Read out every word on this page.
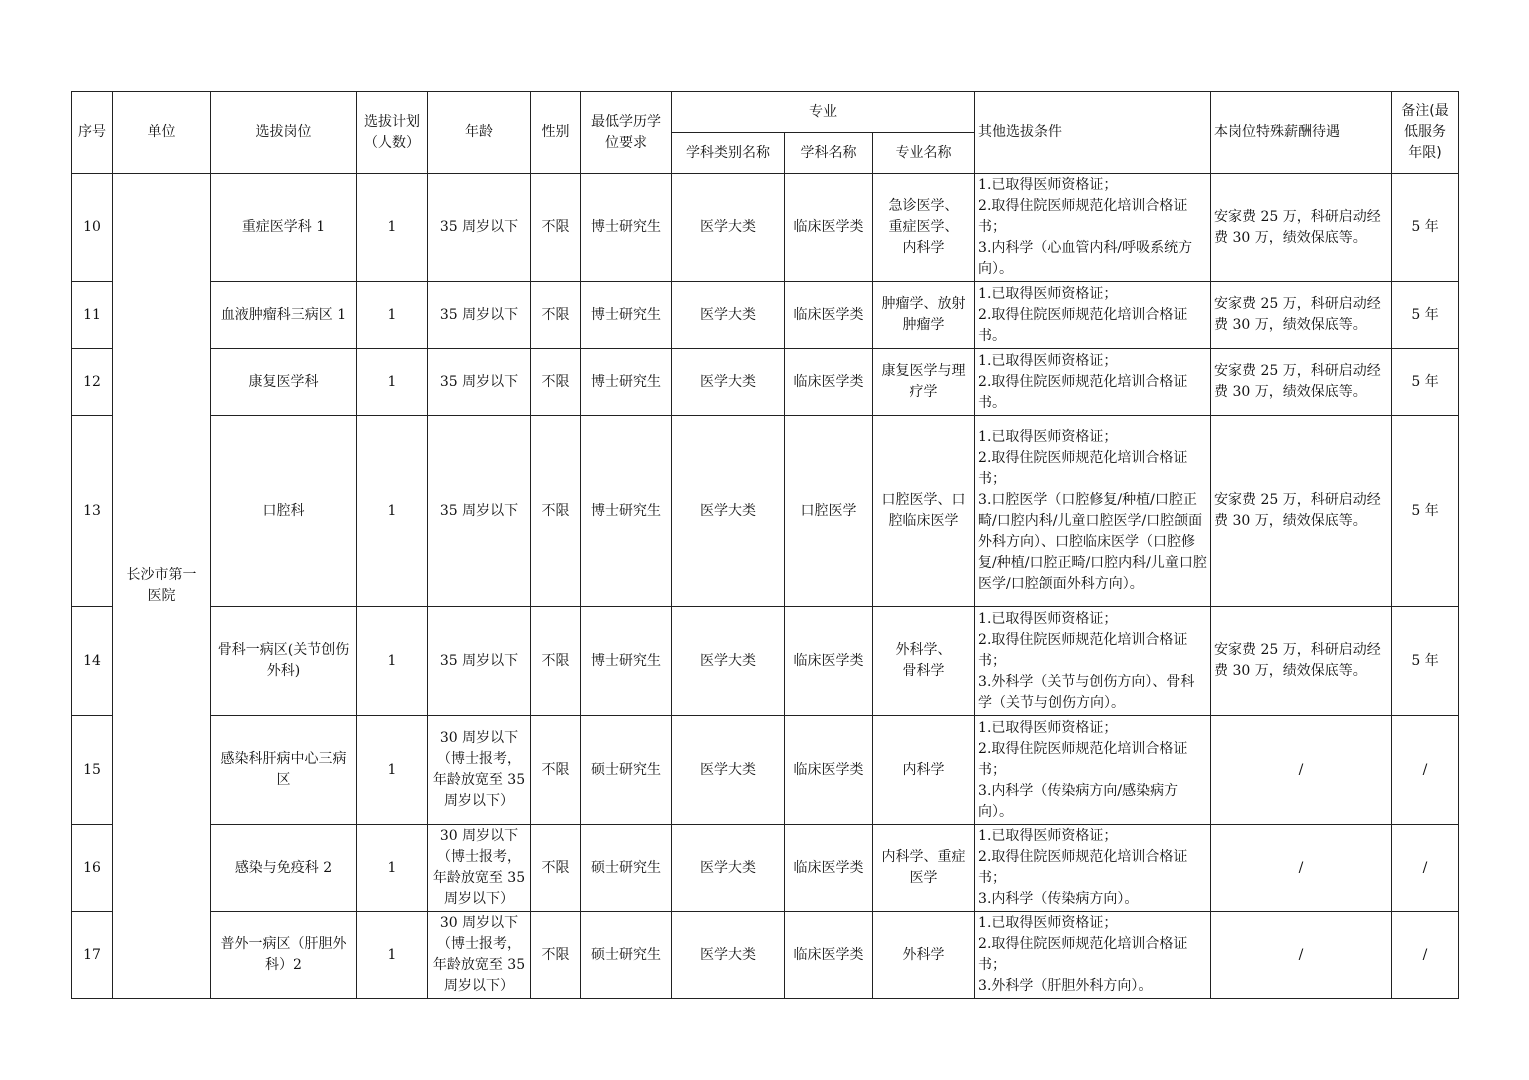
序号	单位	选拔岗位	选拔计划
（人数）	年龄	性别	最低学历学
位要求	专业			其他选拔条件	本岗位特殊薪酬待遇	备注(最
低服务
年限)
							学科类别名称	学科名称	专业名称			
10	长沙市第一
医院	重症医学科 1	1	35 周岁以下	不限	博士研究生	医学大类	临床医学类	急诊医学、
重症医学、
内科学	1.已取得医师资格证；
2.取得住院医师规范化培训合格证书；
3.内科学（心血管内科/呼吸系统方向）。	安家费 25 万，科研启动经费 30 万，绩效保底等。	5 年
11		血液肿瘤科三病区 1	1	35 周岁以下	不限	博士研究生	医学大类	临床医学类	肿瘤学、放射肿瘤学	1.已取得医师资格证；
2.取得住院医师规范化培训合格证书。	安家费 25 万，科研启动经费 30 万，绩效保底等。	5 年
12		康复医学科	1	35 周岁以下	不限	博士研究生	医学大类	临床医学类	康复医学与理疗学	1.已取得医师资格证；
2.取得住院医师规范化培训合格证书。	安家费 25 万，科研启动经费 30 万，绩效保底等。	5 年
13		口腔科	1	35 周岁以下	不限	博士研究生	医学大类	口腔医学	口腔医学、口腔临床医学	1.已取得医师资格证；
2.取得住院医师规范化培训合格证书；
3.口腔医学（口腔修复/种植/口腔正畸/口腔内科/儿童口腔医学/口腔颌面外科方向）、口腔临床医学（口腔修复/种植/口腔正畸/口腔内科/儿童口腔医学/口腔颌面外科方向）。	安家费 25 万，科研启动经费 30 万，绩效保底等。	5 年
14		骨科一病区(关节创伤外科)	1	35 周岁以下	不限	博士研究生	医学大类	临床医学类	外科学、
骨科学	1.已取得医师资格证；
2.取得住院医师规范化培训合格证书；
3.外科学（关节与创伤方向）、骨科学（关节与创伤方向）。	安家费 25 万，科研启动经费 30 万，绩效保底等。	5 年
15		感染科肝病中心三病区	1	30 周岁以下
（博士报考，
年龄放宽至 35
周岁以下）	不限	硕士研究生	医学大类	临床医学类	内科学	1.已取得医师资格证；
2.取得住院医师规范化培训合格证书；
3.内科学（传染病方向/感染病方向）。	/	/
16		感染与免疫科 2	1	30 周岁以下
（博士报考，
年龄放宽至 35
周岁以下）	不限	硕士研究生	医学大类	临床医学类	内科学、重症医学	1.已取得医师资格证；
2.取得住院医师规范化培训合格证书；
3.内科学（传染病方向）。	/	/
17		普外一病区（肝胆外科）2	1	30 周岁以下
（博士报考，
年龄放宽至 35
周岁以下）	不限	硕士研究生	医学大类	临床医学类	外科学	1.已取得医师资格证；
2.取得住院医师规范化培训合格证书；
3.外科学（肝胆外科方向）。	/	/
